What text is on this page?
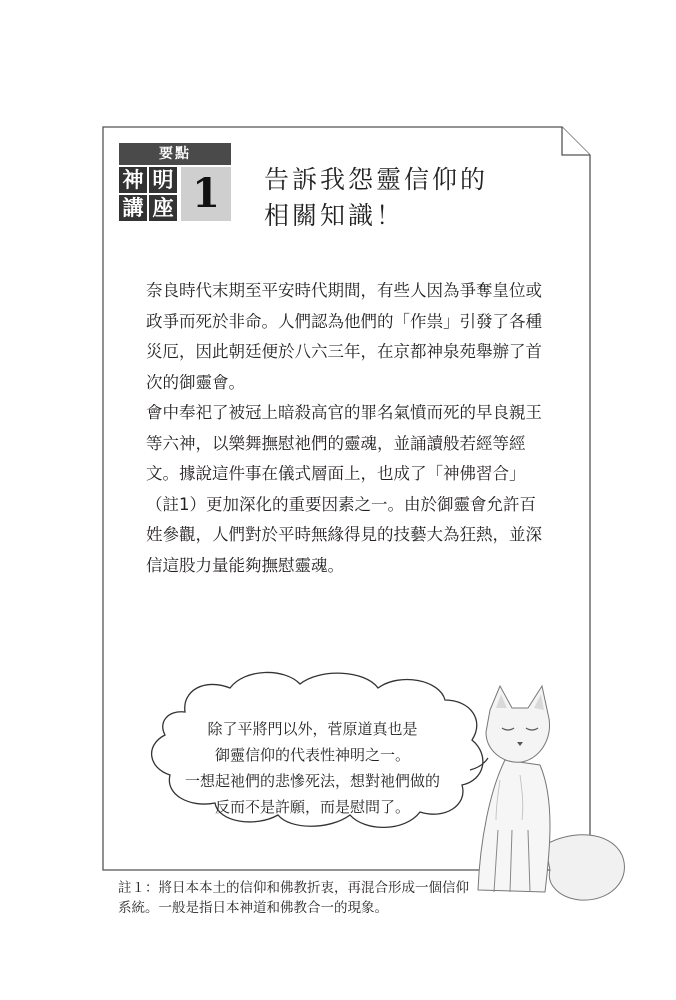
要點
神 明
講 座 1	告訴我怨靈信仰的
相關知識！
奈良時代末期至平安時代期間，有些人因為爭奪皇位或
政爭而死於非命。人們認為他們的「作祟」引發了各種
災厄，因此朝廷便於八六三年，在京都神泉苑舉辦了首
次的御靈會。
會中奉祀了被冠上暗殺高官的罪名氣憤而死的早良親王
等六神，以樂舞撫慰祂們的靈魂，並誦讀般若經等經
文。據說這件事在儀式層面上，也成了「神佛習合」
（註1）更加深化的重要因素之一。由於御靈會允許百
姓參觀，人們對於平時無緣得見的技藝大為狂熱，並深
信這股力量能夠撫慰靈魂。
除了平將門以外，菅原道真也是
御靈信仰的代表性神明之一。
一想起祂們的悲慘死法，想對祂們做的
反而不是許願，而是慰問了。
註１：將日本本土的信仰和佛教折衷，再混合形成一個信仰
系統。一般是指日本神道和佛教合一的現象。
